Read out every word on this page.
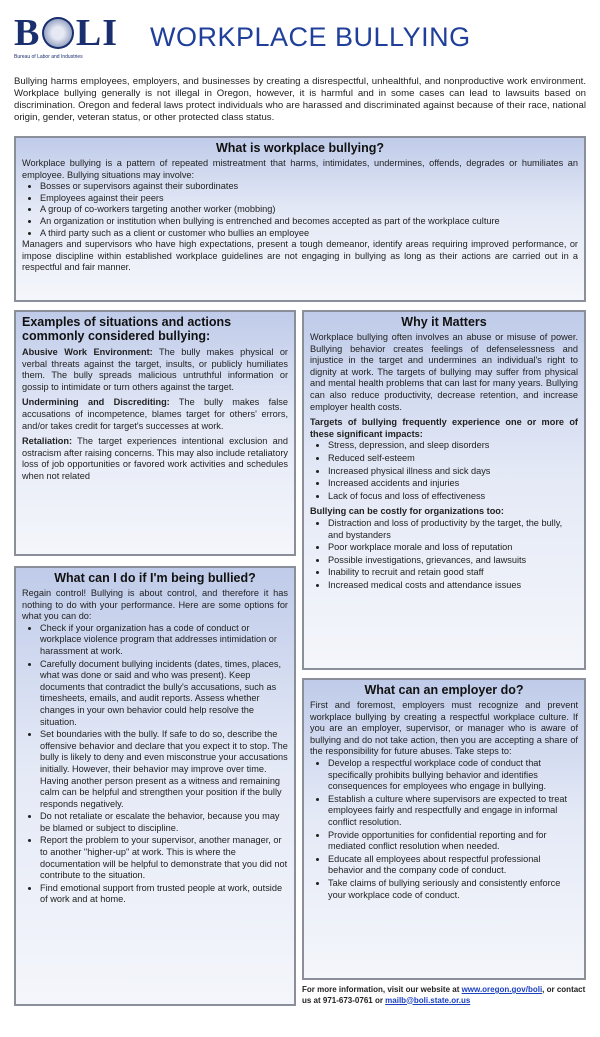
B LI
Bureau of Labor and Industries
WORKPLACE BULLYING

Bullying harms employees, employers, and businesses by creating a disrespectful, unhealthful, and nonproductive work environment. Workplace bullying generally is not illegal in Oregon, however, it is harmful and in some cases can lead to lawsuits based on discrimination. Oregon and federal laws protect individuals who are harassed and discriminated against because of their race, national origin, gender, veteran status, or other protected class status.

What is workplace bullying?

Workplace bullying is a pattern of repeated mistreatment that harms, intimidates, undermines, offends, degrades or humiliates an employee. Bullying situations may involve:

• Bosses or supervisors against their subordinates
• Employees against their peers
• A group of co-workers targeting another worker (mobbing)
• An organization or institution when bullying is entrenched and becomes accepted as part of the workplace culture
• A third party such as a client or customer who bullies an employee

Managers and supervisors who have high expectations, present a tough demeanor, identify areas requiring improved performance, or impose discipline within established workplace guidelines are not engaging in bullying as long as their actions are carried out in a respectful and fair manner.

Examples of situations and actions commonly considered bullying:

Abusive Work Environment: The bully makes physical or verbal threats against the target, insults, or publicly humiliates them. The bully spreads malicious untruthful information or gossip to intimidate or turn others against the target.

Undermining and Discrediting: The bully makes false accusations of incompetence, blames target for others' errors, and/or takes credit for target's successes at work.

Retaliation: The target experiences intentional exclusion and ostracism after raising concerns. This may also include retaliatory loss of job opportunities or favored work activities and schedules when not related

Why it Matters

Workplace bullying often involves an abuse or misuse of power. Bullying behavior creates feelings of defenselessness and injustice in the target and undermines an individual's right to dignity at work. The targets of bullying may suffer from physical and mental health problems that can last for many years. Bullying can also reduce productivity, decrease retention, and increase employer health costs.

Targets of bullying frequently experience one or more of these significant impacts:

• Stress, depression, and sleep disorders
• Reduced self-esteem
• Increased physical illness and sick days
• Increased accidents and injuries
• Lack of focus and loss of effectiveness

Bullying can be costly for organizations too:

• Distraction and loss of productivity by the target, the bully, and bystanders
• Poor workplace morale and loss of reputation
• Possible investigations, grievances, and lawsuits
• Inability to recruit and retain good staff
• Increased medical costs and attendance issues
What can I do if I'm being bullied?

Regain control! Bullying is about control, and therefore it has nothing to do with your performance. Here are some options for what you can do:

• Check if your organization has a code of conduct or workplace violence program that addresses intimidation or harassment at work.
• Carefully document bullying incidents (dates, times, places, what was done or said and who was present). Keep documents that contradict the bully's accusations, such as timesheets, emails, and audit reports. Assess whether changes in your own behavior could help resolve the situation.
• Set boundaries with the bully. If safe to do so, describe the offensive behavior and declare that you expect it to stop. The bully is likely to deny and even misconstrue your accusations initially. However, their behavior may improve over time. Having another person present as a witness and remaining calm can be helpful and strengthen your position if the bully responds negatively.
• Do not retaliate or escalate the behavior, because you may be blamed or subject to discipline.
• Report the problem to your supervisor, another manager, or to another "higher-up" at work. This is where the documentation will be helpful to demonstrate that you did not contribute to the situation.
• Find emotional support from trusted people at work, outside of work and at home.
What can an employer do?

First and foremost, employers must recognize and prevent workplace bullying by creating a respectful workplace culture. If you are an employer, supervisor, or manager who is aware of bullying and do not take action, then you are accepting a share of the responsibility for future abuses. Take steps to:

• Develop a respectful workplace code of conduct that specifically prohibits bullying behavior and identifies consequences for employees who engage in bullying.
• Establish a culture where supervisors are expected to treat employees fairly and respectfully and engage in informal conflict resolution.
• Provide opportunities for confidential reporting and for mediated conflict resolution when needed.
• Educate all employees about respectful professional behavior and the company code of conduct.
• Take claims of bullying seriously and consistently enforce your workplace code of conduct.
For more information, visit our website at www.oregon.gov/boli, or contact us at 971-673-0761 or mailb@boli.state.or.us
